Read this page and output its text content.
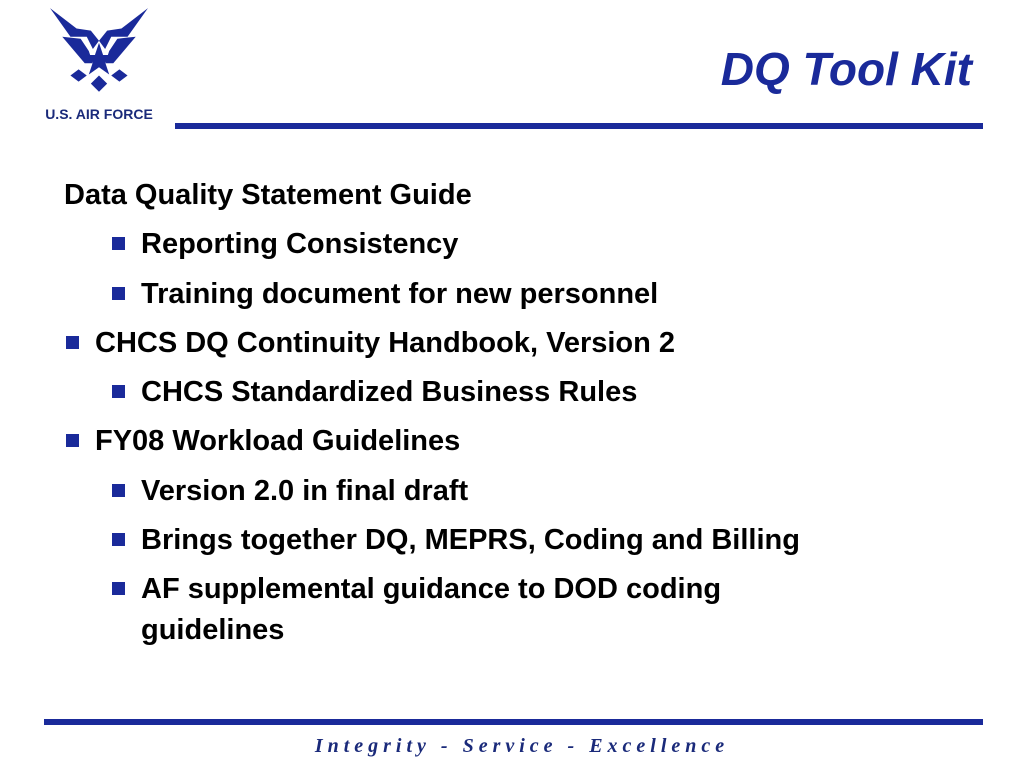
U.S. AIR FORCE
DQ Tool Kit
Data Quality Statement Guide
Reporting Consistency
Training document for new personnel
CHCS DQ Continuity Handbook, Version 2
CHCS Standardized Business Rules
FY08 Workload Guidelines
Version 2.0 in final draft
Brings together DQ, MEPRS, Coding and Billing
AF supplemental guidance to DOD coding
guidelines
Integrity - Service - Excellence
